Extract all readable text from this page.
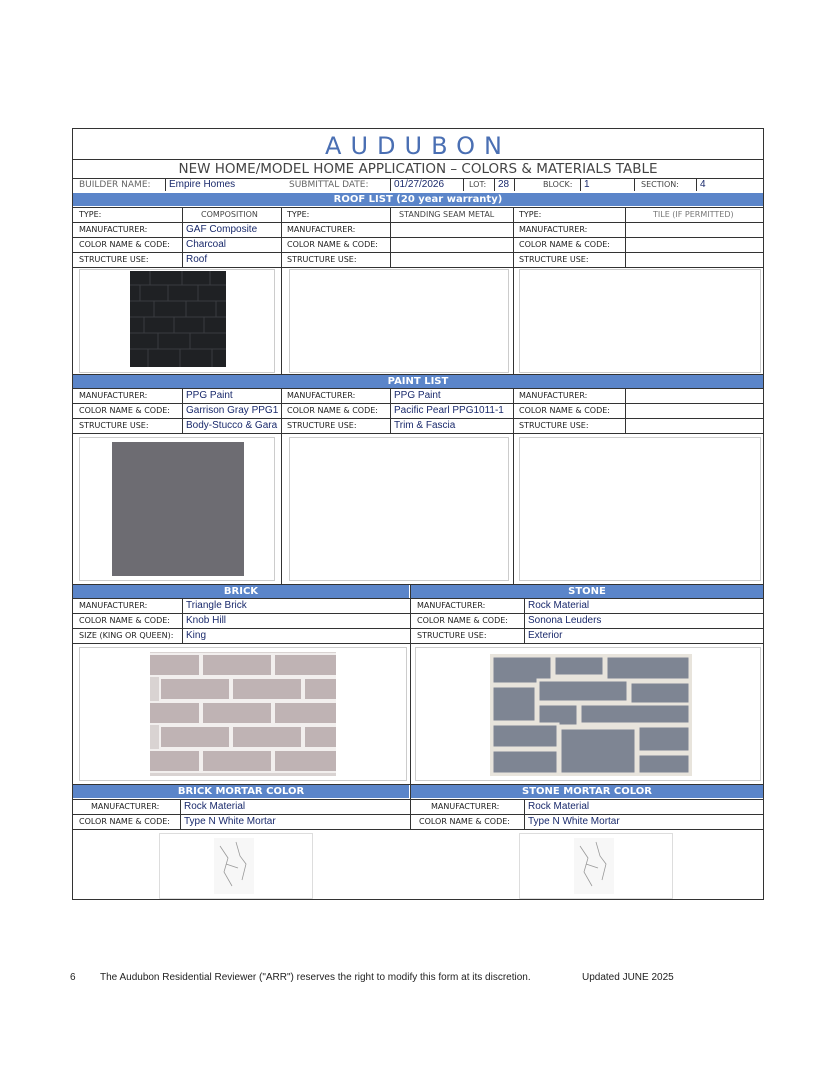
AUDUBON
NEW HOME/MODEL HOME APPLICATION – COLORS & MATERIALS TABLE
BUILDER NAME: Empire Homes	SUBMITTAL DATE:	01/27/2026	LOT: 28	BLOCK: 1	SECTION: 4
ROOF LIST (20 year warranty)
TYPE:	COMPOSITION
MANUFACTURER:	GAF Composite
COLOR NAME & CODE: Charcoal
STRUCTURE USE:	Roof
TYPE:	STANDING SEAM METAL
MANUFACTURER:
COLOR NAME & CODE:
STRUCTURE USE:
TYPE:	TILE (IF PERMITTED)
MANUFACTURER:
COLOR NAME & CODE:
STRUCTURE USE:
PAINT LIST
MANUFACTURER:	PPG Paint
COLOR NAME & CODE: Garrison Gray PPG1
STRUCTURE USE:	Body-Stucco & Gara
MANUFACTURER:	PPG Paint
COLOR NAME & CODE: Pacific Pearl PPG1011-1
STRUCTURE USE:	Trim & Fascia
MANUFACTURER:
COLOR NAME & CODE:
STRUCTURE USE:
BRICK	STONE
MANUFACTURER:	Triangle Brick
COLOR NAME & CODE: Knob Hill
SIZE (KING OR QUEEN): King
MANUFACTURER:	Rock Material
COLOR NAME & CODE: Sonona Leuders
STRUCTURE USE:	Exterior
BRICK MORTAR COLOR	STONE MORTAR COLOR
MANUFACTURER: Rock Material
COLOR NAME & CODE: Type N White Mortar
MANUFACTURER:	Rock Material
COLOR NAME & CODE: Type N White Mortar
6 The Audubon Residential Reviewer ("ARR") reserves the right to modify this form at its discretion.	Updated JUNE 2025
